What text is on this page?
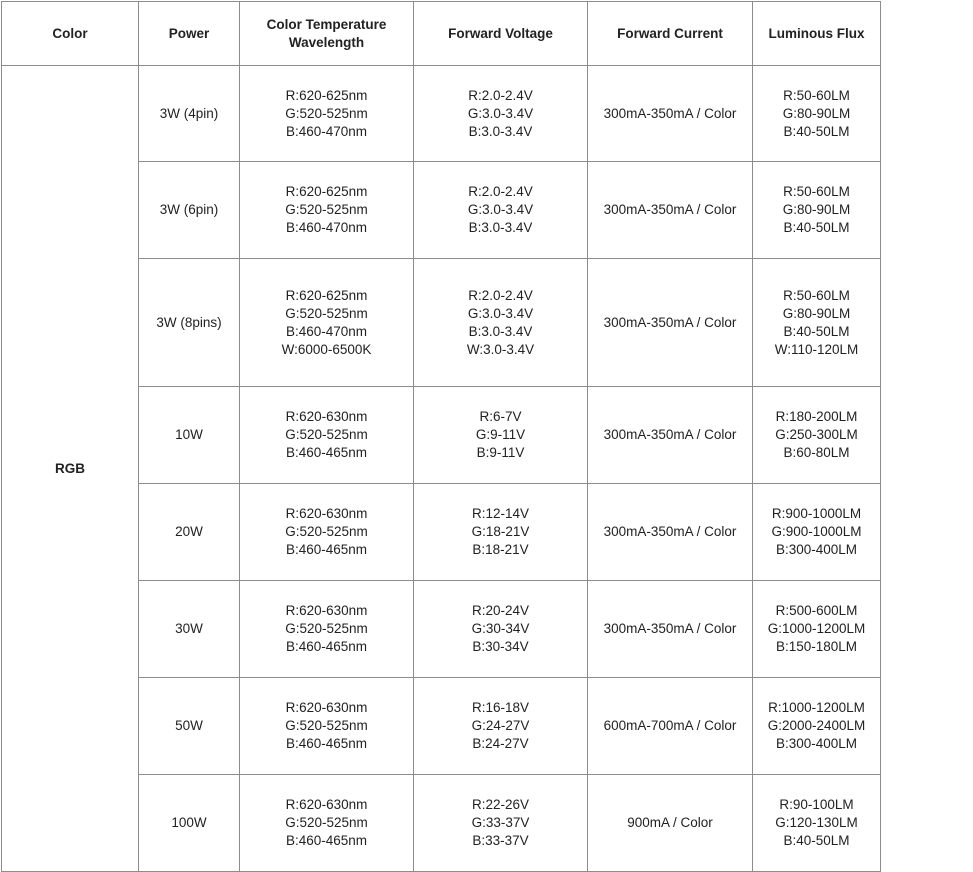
Color	Power	Color Temperature Wavelength	Forward Voltage	Forward Current	Luminous Flux
RGB	3W (4pin)	R:620-625nm
G:520-525nm
B:460-470nm	R:2.0-2.4V
G:3.0-3.4V
B:3.0-3.4V	300mA-350mA / Color	R:50-60LM
G:80-90LM
B:40-50LM

	3W (6pin)	R:620-625nm
G:520-525nm
B:460-470nm	R:2.0-2.4V
G:3.0-3.4V
B:3.0-3.4V	300mA-350mA / Color	R:50-60LM
G:80-90LM
B:40-50LM

	3W (8pins)	R:620-625nm
G:520-525nm
B:460-470nm
W:6000-6500K	R:2.0-2.4V
G:3.0-3.4V
B:3.0-3.4V
W:3.0-3.4V	300mA-350mA / Color	R:50-60LM
G:80-90LM
B:40-50LM
W:110-120LM

	10W	R:620-630nm
G:520-525nm
B:460-465nm	R:6-7V
G:9-11V
B:9-11V	300mA-350mA / Color	R:180-200LM
G:250-300LM
B:60-80LM

	20W	R:620-630nm
G:520-525nm
B:460-465nm	R:12-14V
G:18-21V
B:18-21V	300mA-350mA / Color	R:900-1000LM
G:900-1000LM
B:300-400LM

	30W	R:620-630nm
G:520-525nm
B:460-465nm	R:20-24V
G:30-34V
B:30-34V	300mA-350mA / Color	R:500-600LM
G:1000-1200LM
B:150-180LM

	50W	R:620-630nm
G:520-525nm
B:460-465nm	R:16-18V
G:24-27V
B:24-27V	600mA-700mA / Color	R:1000-1200LM
G:2000-2400LM
B:300-400LM

	100W	R:620-630nm
G:520-525nm
B:460-465nm	R:22-26V
G:33-37V
B:33-37V	900mA / Color	R:90-100LM
G:120-130LM
B:40-50LM
